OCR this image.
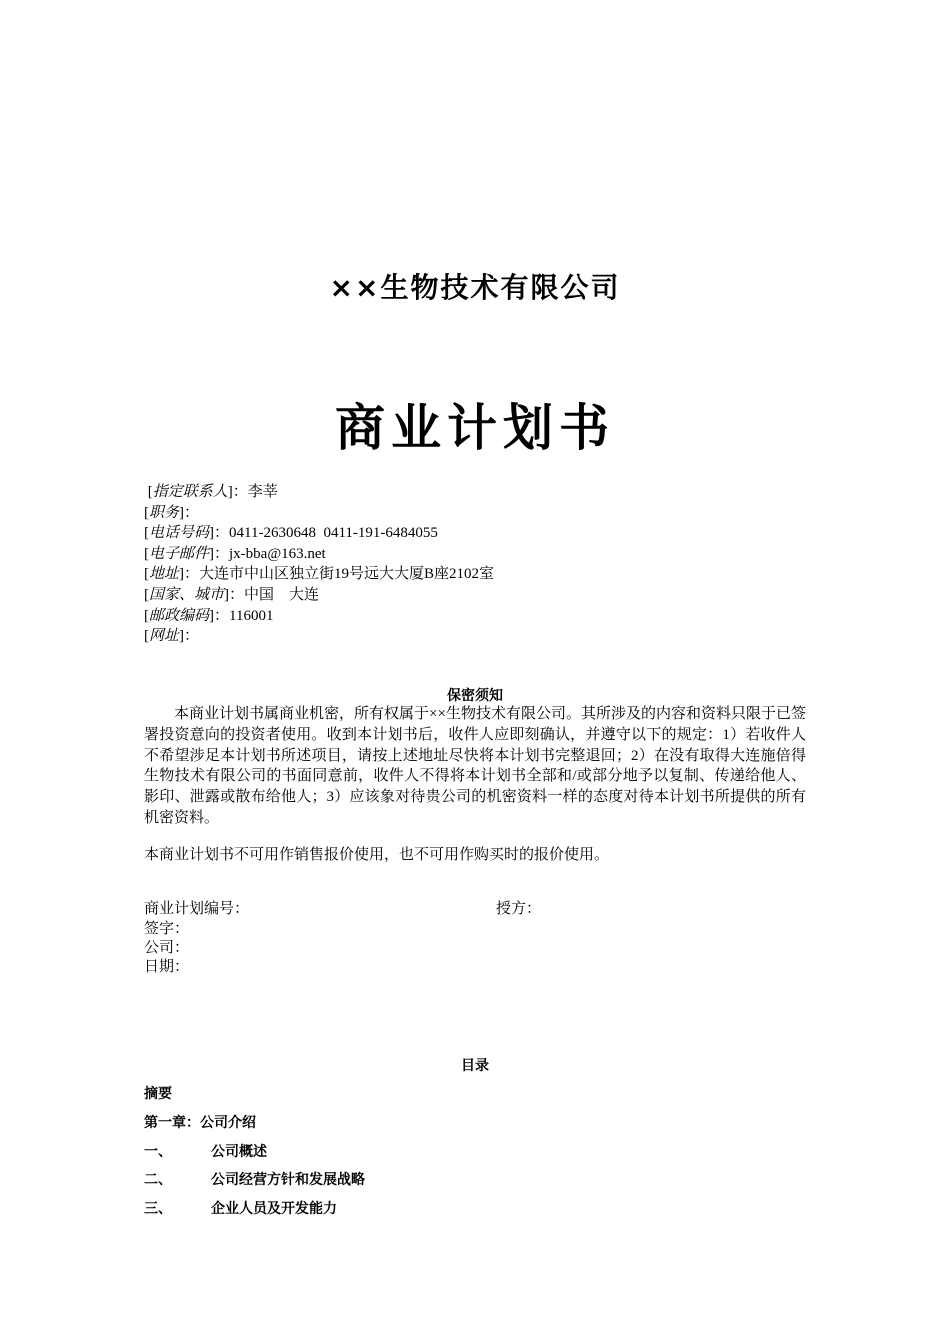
××生物技术有限公司
商业计划书
[指定联系人]：李莘
[职务]：
[电话号码]：0411-2630648  0411-191-6484055
[电子邮件]：jx-bba@163.net
[地址]：大连市中山区独立街19号远大大厦B座2102室
[国家、城市]：中国    大连
[邮政编码]：116001
[网址]：
保密须知
本商业计划书属商业机密，所有权属于××生物技术有限公司。其所涉及的内容和资料只限于已签署投资意向的投资者使用。收到本计划书后，收件人应即刻确认，并遵守以下的规定：1）若收件人不希望涉足本计划书所述项目，请按上述地址尽快将本计划书完整退回；2）在没有取得大连施倍得生物技术有限公司的书面同意前，收件人不得将本计划书全部和/或部分地予以复制、传递给他人、影印、泄露或散布给他人；3）应该象对待贵公司的机密资料一样的态度对待本计划书所提供的所有机密资料。
本商业计划书不可用作销售报价使用，也不可用作购买时的报价使用。
商业计划编号：	授方：
签字：
公司：
日期：
目录
摘要
第一章：公司介绍
一、	公司概述
二、	公司经营方针和发展战略
三、	企业人员及开发能力
